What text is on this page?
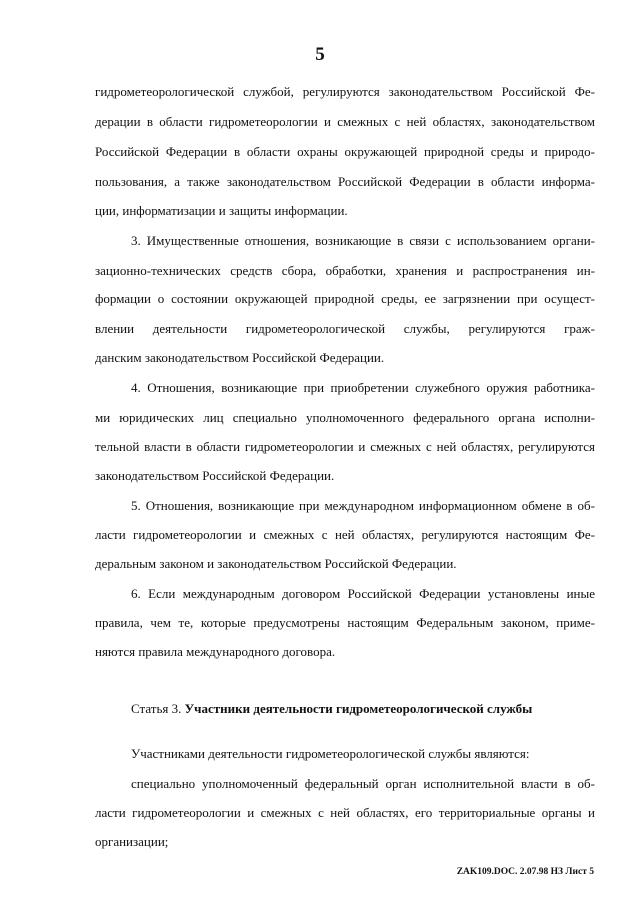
5
гидрометеорологической службой, регулируются законодательством Российской Фе-
дерации в области гидрометеорологии и смежных с ней областях, законодательством
Российской Федерации в области охраны окружающей природной среды и природо-
пользования, а также законодательством Российской Федерации в области информа-
ции, информатизации и защиты информации.
3. Имущественные отношения, возникающие в связи с использованием органи-
зационно-технических средств сбора, обработки, хранения и распространения ин-
формации о состоянии окружающей природной среды, ее загрязнении при осущест-
влении деятельности гидрометеорологической службы, регулируются граж-
данским законодательством Российской Федерации.
4. Отношения, возникающие при приобретении служебного оружия работника-
ми юридических лиц специально уполномоченного федерального органа исполни-
тельной власти в области гидрометеорологии и смежных с ней областях, регулируются
законодательством Российской Федерации.
5. Отношения, возникающие при международном информационном обмене в об-
ласти гидрометеорологии и смежных с ней областях, регулируются настоящим Фе-
деральным законом и законодательством Российской Федерации.
6. Если международным договором Российской Федерации установлены иные
правила, чем те, которые предусмотрены настоящим Федеральным законом, приме-
няются правила международного договора.
Статья 3. Участники деятельности гидрометеорологической службы
Участниками деятельности гидрометеорологической службы являются:
специально уполномоченный федеральный орган исполнительной власти в об-
ласти гидрометеорологии и смежных с ней областях, его территориальные органы и
организации;
ZAK109.DOC. 2.07.98 НЗ Лист 5
